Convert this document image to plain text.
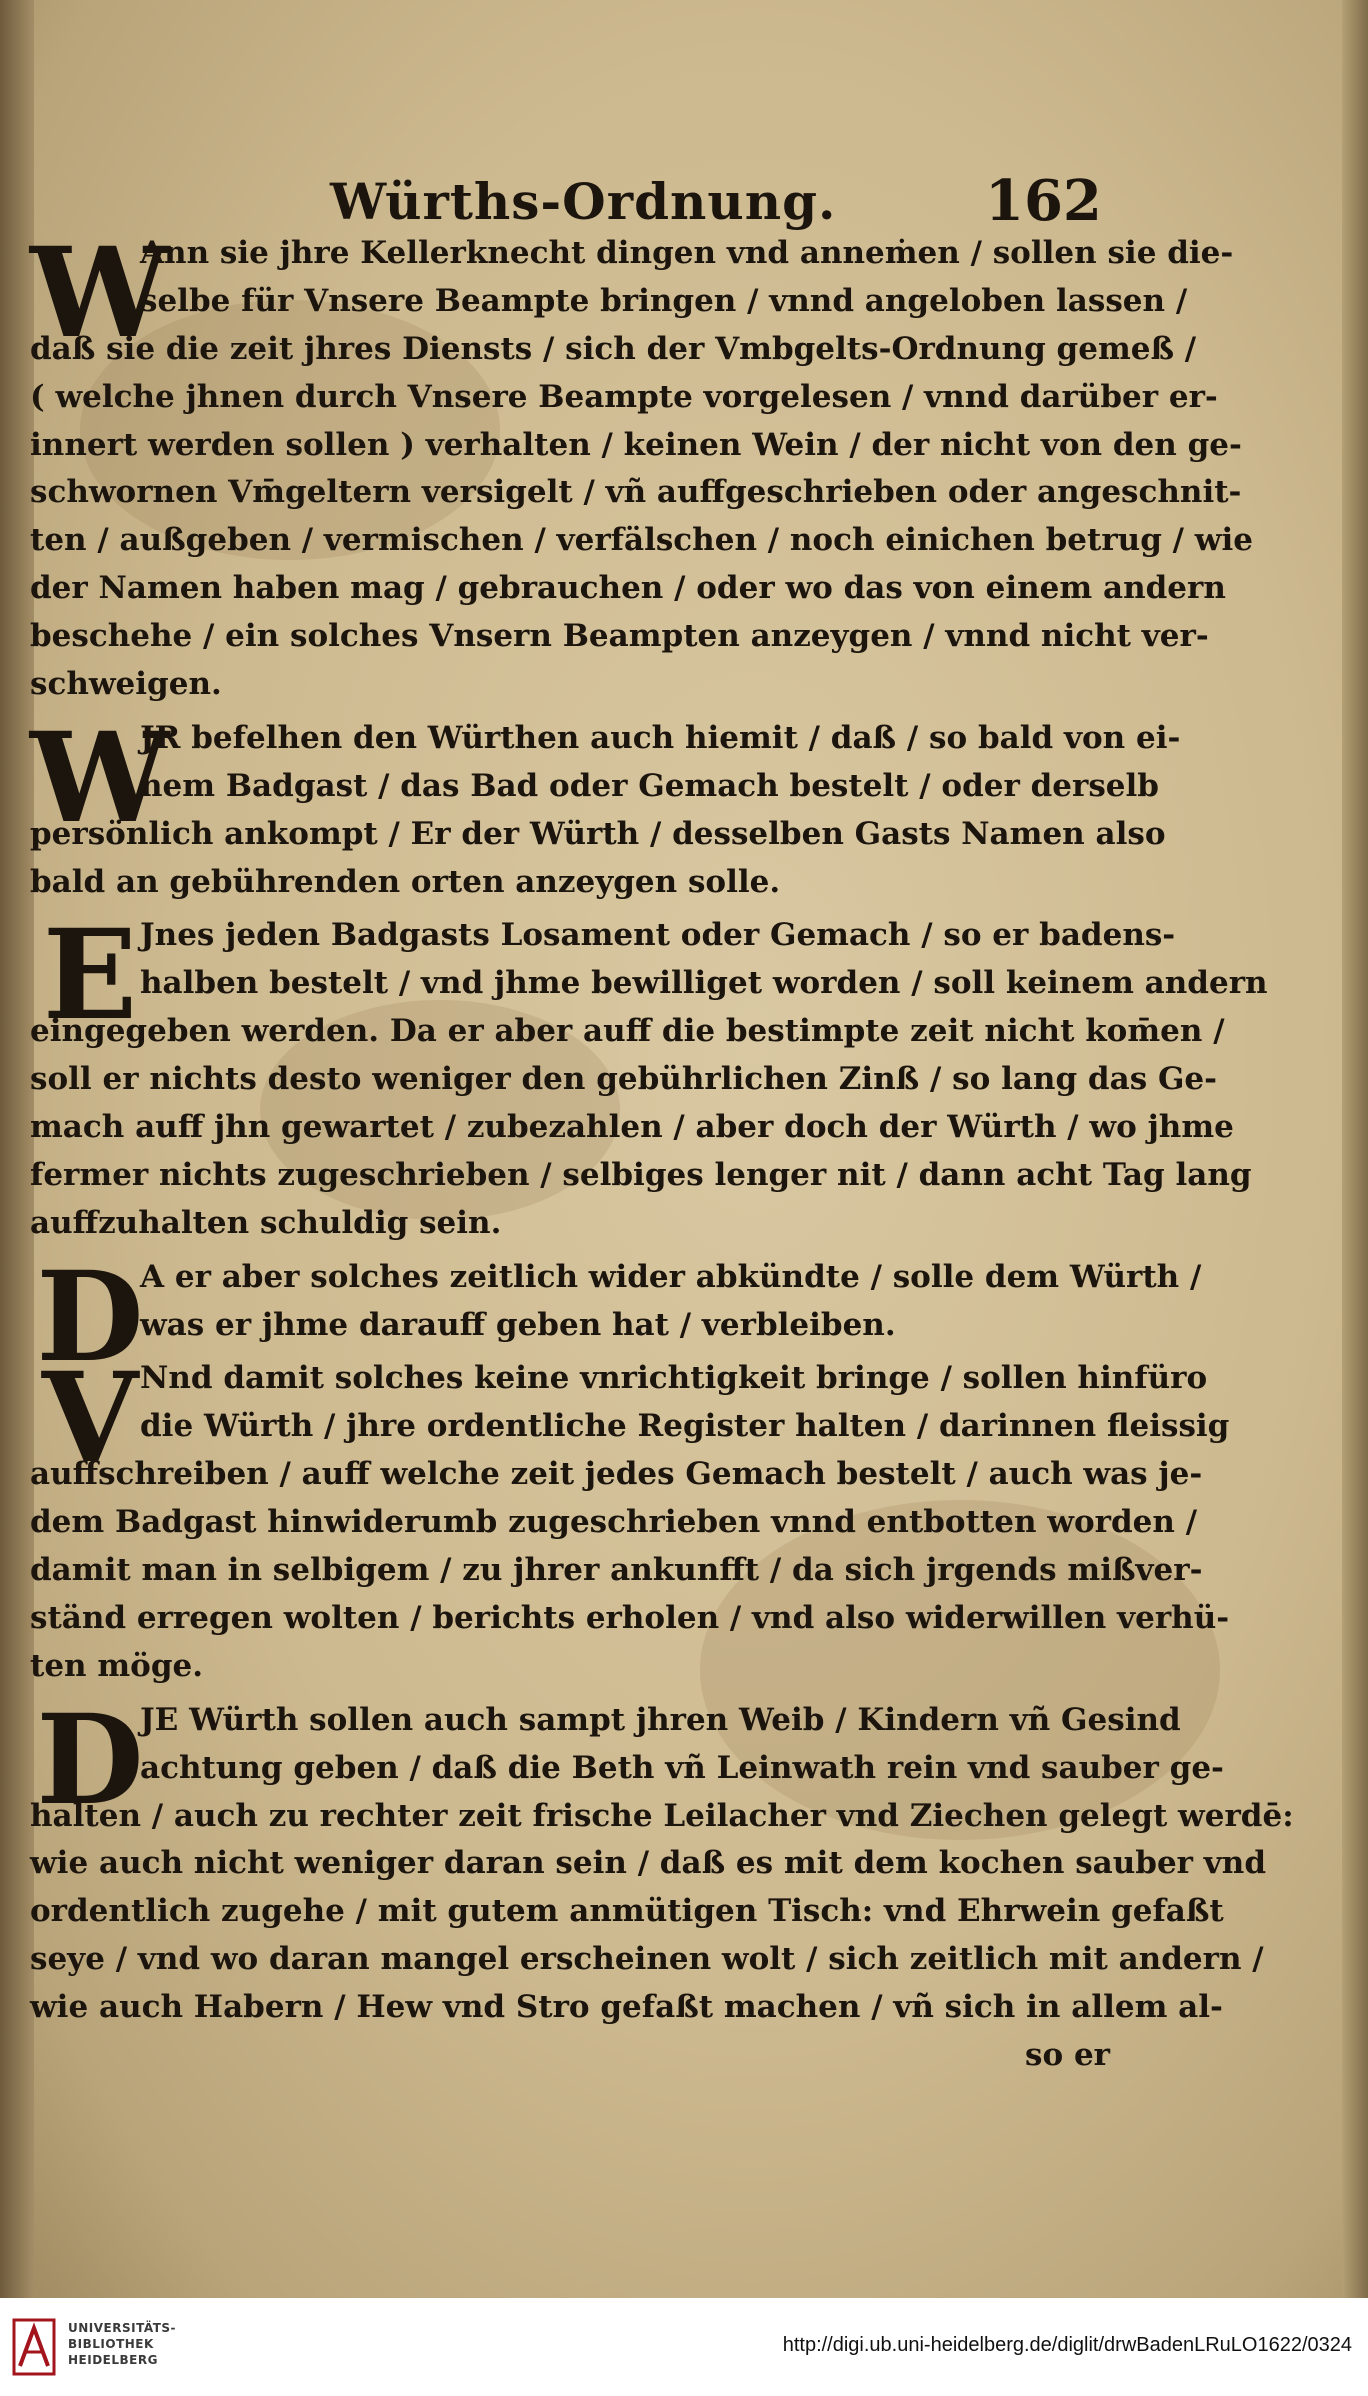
Würths-Ordnung.	162
W
Ann sie jhre Kellerknecht dingen vnd anneṁen / sollen sie die-
selbe für Vnsere Beampte bringen / vnnd angeloben lassen /
daß sie die zeit jhres Diensts / sich der Vmbgelts-Ordnung gemeß /
( welche jhnen durch Vnsere Beampte vorgelesen / vnnd darüber er-
innert werden sollen ) verhalten / keinen Wein / der nicht von den ge-
schwornen Vm̄geltern versigelt / vñ auffgeschrieben oder angeschnit-
ten / außgeben / vermischen / verfälschen / noch einichen betrug / wie
der Namen haben mag / gebrauchen / oder wo das von einem andern
beschehe / ein solches Vnsern Beampten anzeygen / vnnd nicht ver-
schweigen.
W
JR befelhen den Würthen auch hiemit / daß / so bald von ei-
nem Badgast / das Bad oder Gemach bestelt / oder derselb
persönlich ankompt / Er der Würth / desselben Gasts Namen also
bald an gebührenden orten anzeygen solle.
E Jnes jeden Badgasts Losament oder Gemach / so er badens-
halben bestelt / vnd jhme bewilliget worden / soll keinem andern
eingegeben werden. Da er aber auff die bestimpte zeit nicht kom̄en /
soll er nichts desto weniger den gebührlichen Zinß / so lang das Ge-
mach auff jhn gewartet / zubezahlen / aber doch der Würth / wo jhme
fermer nichts zugeschrieben / selbiges lenger nit / dann acht Tag lang
auffzuhalten schuldig sein.
D
A er aber solches zeitlich wider abkündte / solle dem Würth /
was er jhme darauff geben hat / verbleiben.
V Nnd damit solches keine vnrichtigkeit bringe / sollen hinfüro
die Würth / jhre ordentliche Register halten / darinnen fleissig
auffschreiben / auff welche zeit jedes Gemach bestelt / auch was je-
dem Badgast hinwiderumb zugeschrieben vnnd entbotten worden /
damit man in selbigem / zu jhrer ankunfft / da sich jrgends mißver-
ständ erregen wolten / berichts erholen / vnd also widerwillen verhü-
ten möge.
D
JE Würth sollen auch sampt jhren Weib / Kindern vñ Gesind
achtung geben / daß die Beth vñ Leinwath rein vnd sauber ge-
halten / auch zu rechter zeit frische Leilacher vnd Ziechen gelegt werdē:
wie auch nicht weniger daran sein / daß es mit dem kochen sauber vnd
ordentlich zugehe / mit gutem anmütigen Tisch: vnd Ehrwein gefaßt
seye / vnd wo daran mangel erscheinen wolt / sich zeitlich mit andern /
wie auch Habern / Hew vnd Stro gefaßt machen / vñ sich in allem al-
so er
UNIVERSITÄTS-
BIBLIOTHEK
HEIDELBERG
http://digi.ub.uni-heidelberg.de/diglit/drwBadenLRuLO1622/0324
